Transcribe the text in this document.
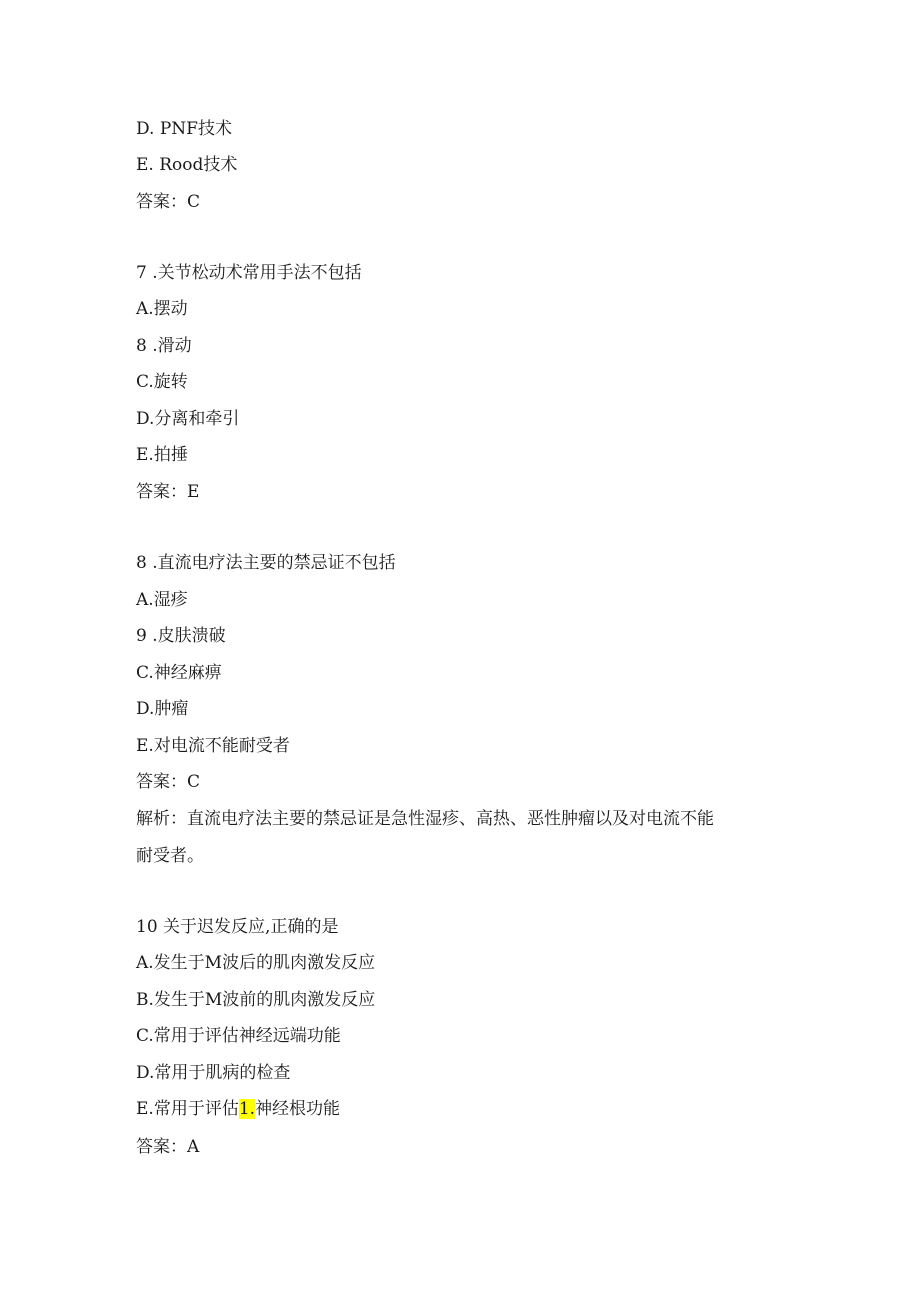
D. PNF技术
E. Rood技术
答案：C
7 .关节松动术常用手法不包括
A.摆动
8 .滑动
C.旋转
D.分离和牵引
E.拍捶
答案：E
8 .直流电疗法主要的禁忌证不包括
A.湿疹
9 .皮肤溃破
C.神经麻痹
D.肿瘤
E.对电流不能耐受者
答案：C
解析：直流电疗法主要的禁忌证是急性湿疹、高热、恶性肿瘤以及对电流不能
耐受者。
10 关于迟发反应,正确的是
A.发生于M波后的肌肉激发反应
B.发生于M波前的肌肉激发反应
C.常用于评估神经远端功能
D.常用于肌病的检查
E.常用于评估1.神经根功能
答案：A
